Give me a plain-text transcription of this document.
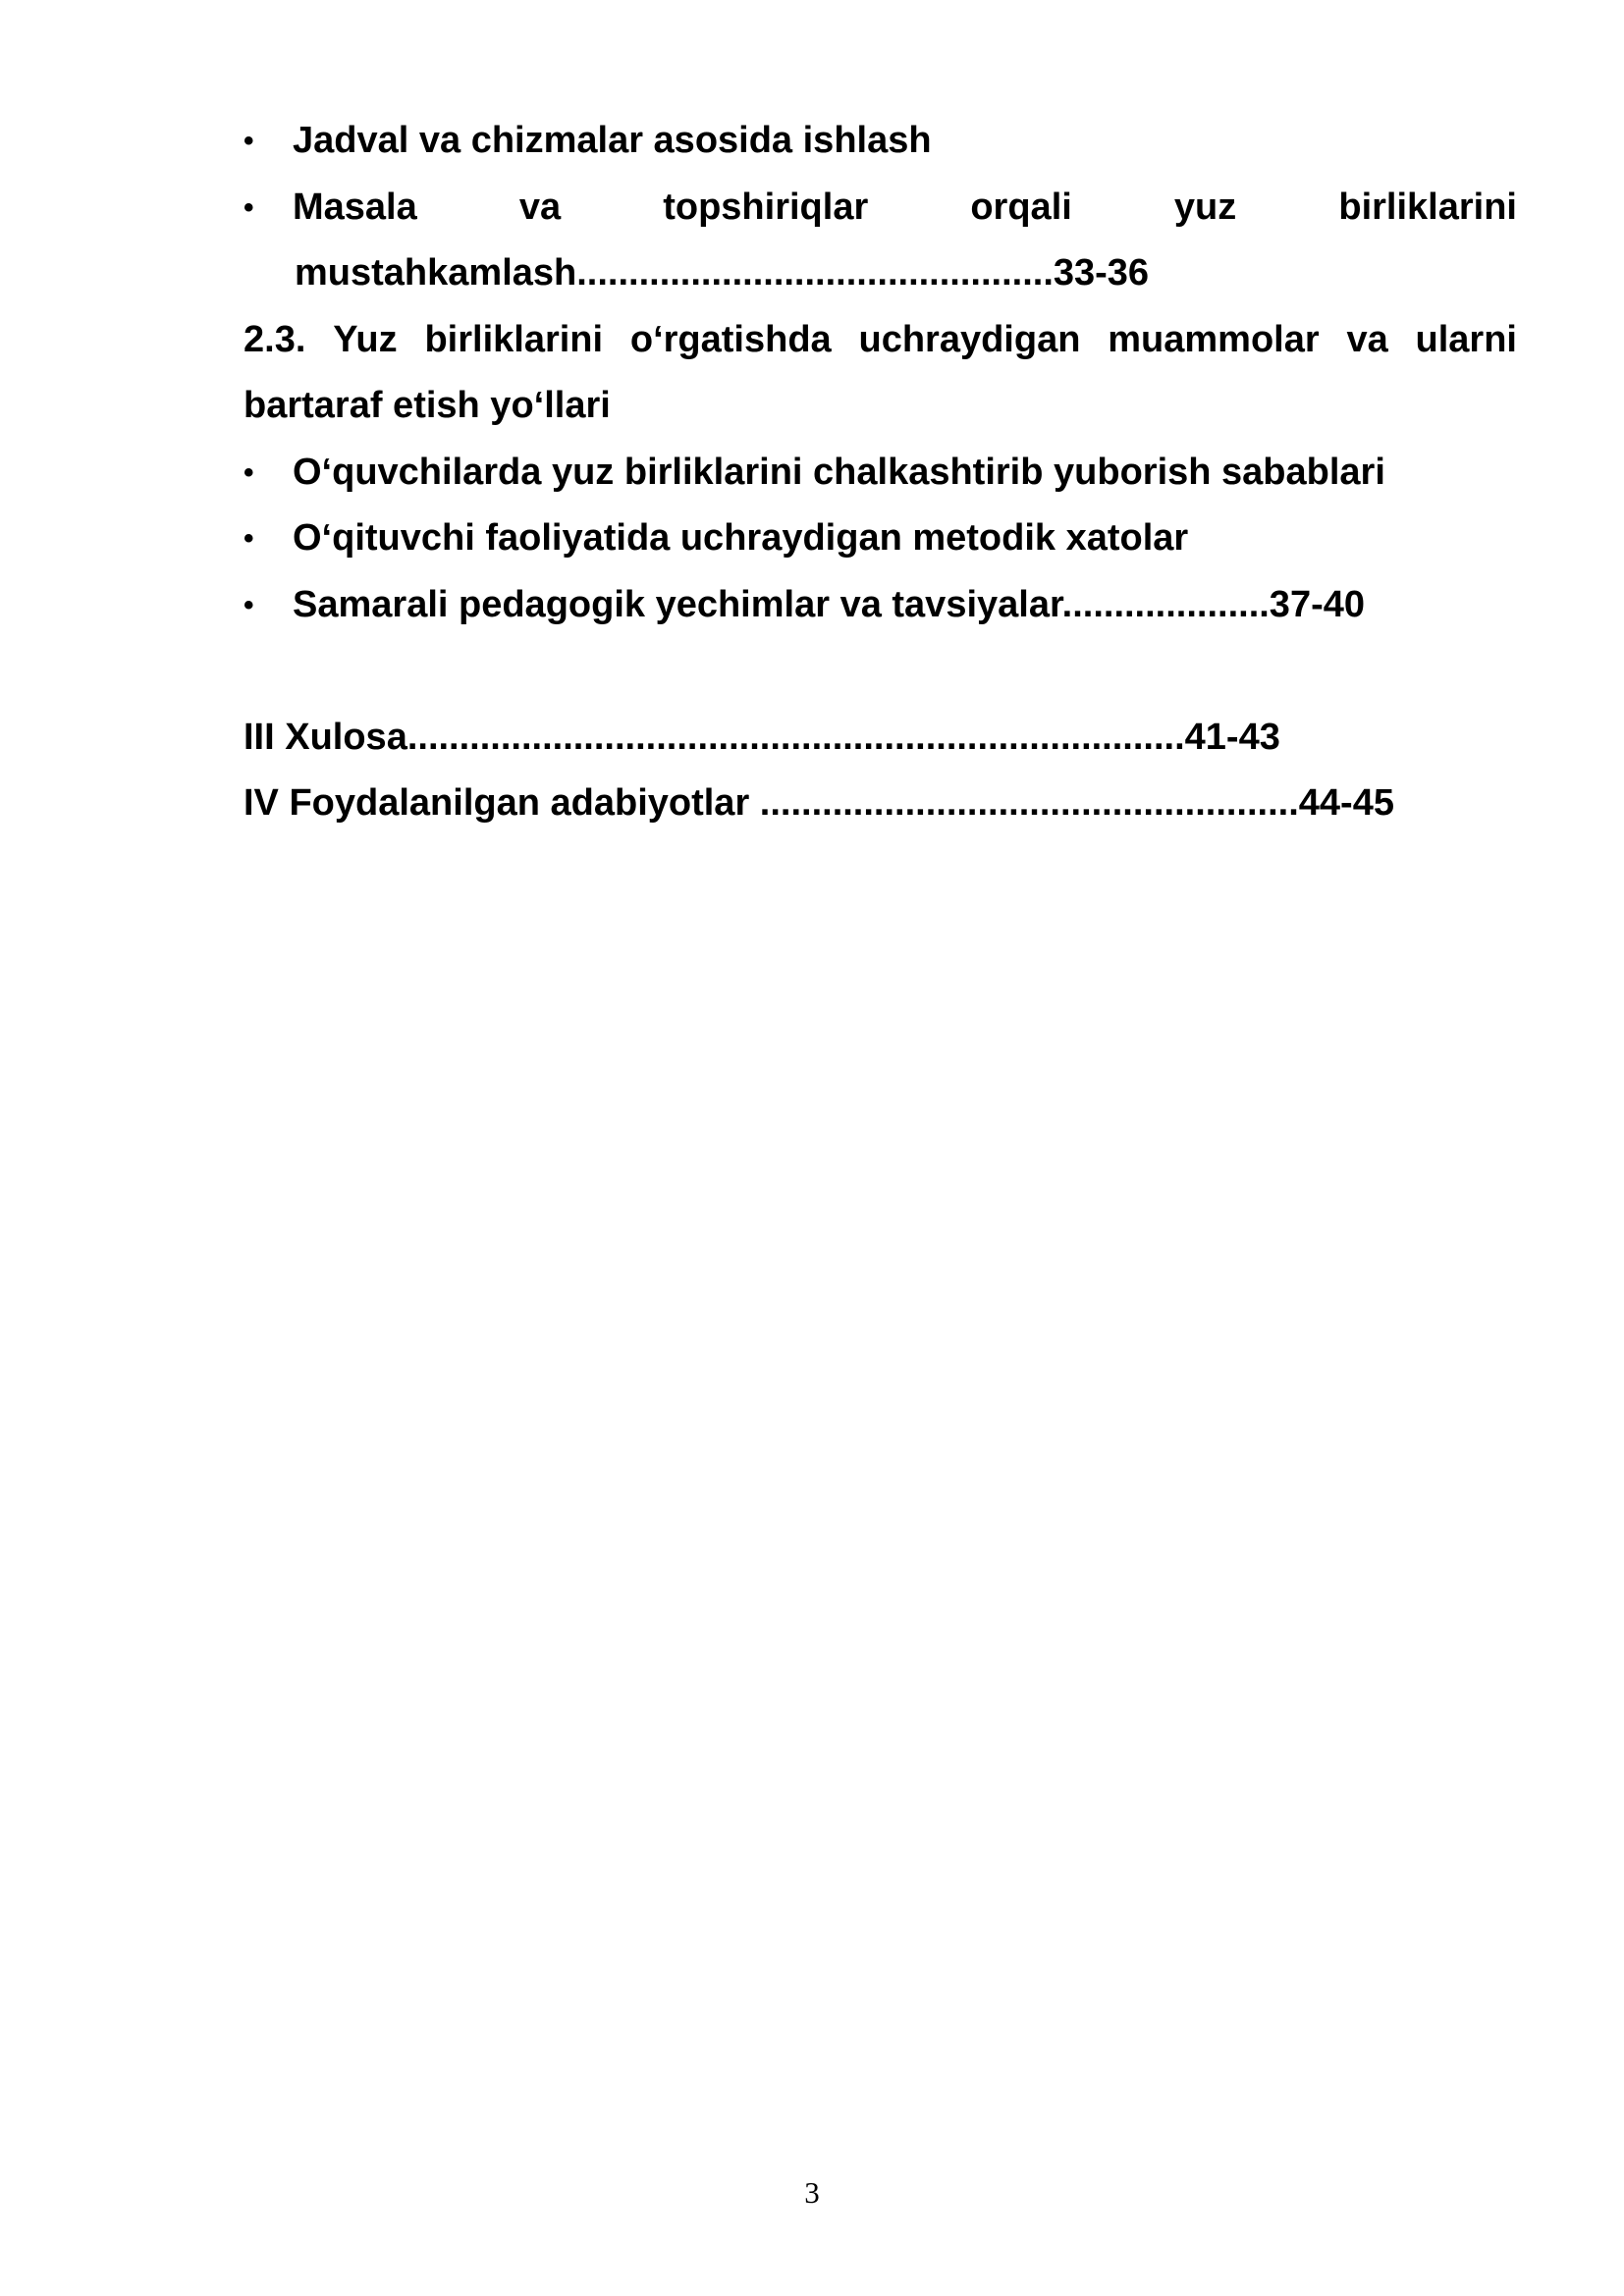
• Jadval va chizmalar asosida ishlash
• Masala	va	topshiriqlar	orqali	yuz	birliklarini
mustahkamlash..............................................33-36
2.3. Yuz birliklarini o‘rgatishda uchraydigan muammolar va ularni
bartaraf etish yo‘llari
• O‘quvchilarda yuz birliklarini chalkashtirib yuborish sabablari
• O‘qituvchi faoliyatida uchraydigan metodik xatolar
• Samarali pedagogik yechimlar va tavsiyalar....................37-40
III Xulosa...........................................................................41-43
IV Foydalanilgan adabiyotlar ....................................................44-45
3
